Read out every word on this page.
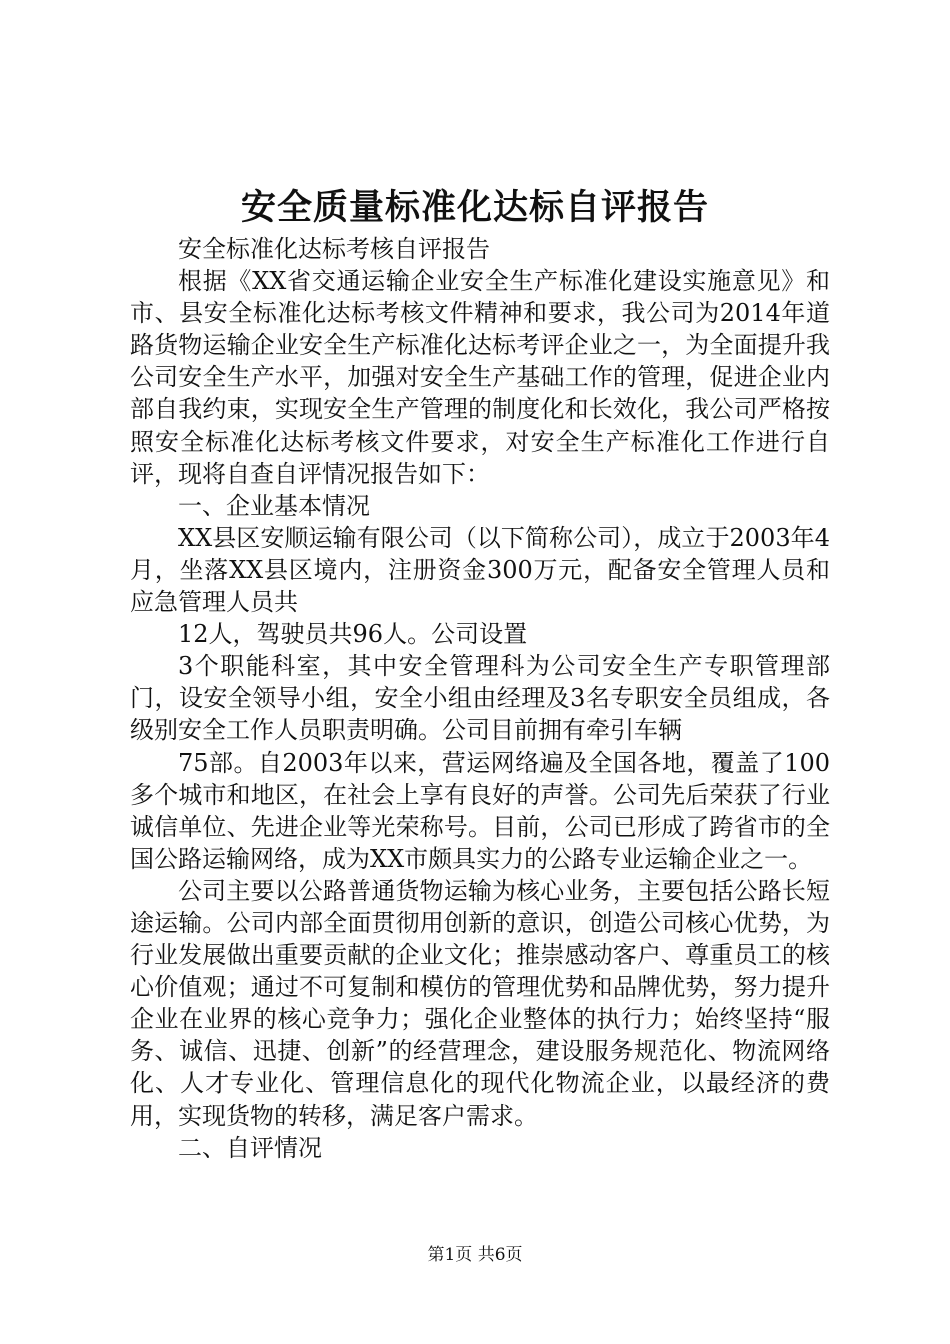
安全质量标准化达标自评报告

安全标准化达标考核自评报告

根据《XX省交通运输企业安全生产标准化建设实施意见》和市、县安全标准化达标考核文件精神和要求，我公司为2014年道路货物运输企业安全生产标准化达标考评企业之一，为全面提升我公司安全生产水平，加强对安全生产基础工作的管理，促进企业内部自我约束，实现安全生产管理的制度化和长效化，我公司严格按照安全标准化达标考核文件要求，对安全生产标准化工作进行自评，现将自查自评情况报告如下：

一、企业基本情况

XX县区安顺运输有限公司（以下简称公司），成立于2003年4月，坐落XX县区境内，注册资金300万元，配备安全管理人员和应急管理人员共

12人，驾驶员共96人。公司设置

3个职能科室，其中安全管理科为公司安全生产专职管理部门，设安全领导小组，安全小组由经理及3名专职安全员组成，各级别安全工作人员职责明确。公司目前拥有牵引车辆

75部。自2003年以来，营运网络遍及全国各地，覆盖了100多个城市和地区，在社会上享有良好的声誉。公司先后荣获了行业诚信单位、先进企业等光荣称号。目前，公司已形成了跨省市的全国公路运输网络，成为XX市颇具实力的公路专业运输企业之一。

公司主要以公路普通货物运输为核心业务，主要包括公路长短途运输。公司内部全面贯彻用创新的意识，创造公司核心优势，为行业发展做出重要贡献的企业文化；推崇感动客户、尊重员工的核心价值观；通过不可复制和模仿的管理优势和品牌优势，努力提升企业在业界的核心竞争力；强化企业整体的执行力；始终坚持“服务、诚信、迅捷、创新”的经营理念，建设服务规范化、物流网络化、人才专业化、管理信息化的现代化物流企业，以最经济的费用，实现货物的转移，满足客户需求。

二、自评情况

第1页 共6页
